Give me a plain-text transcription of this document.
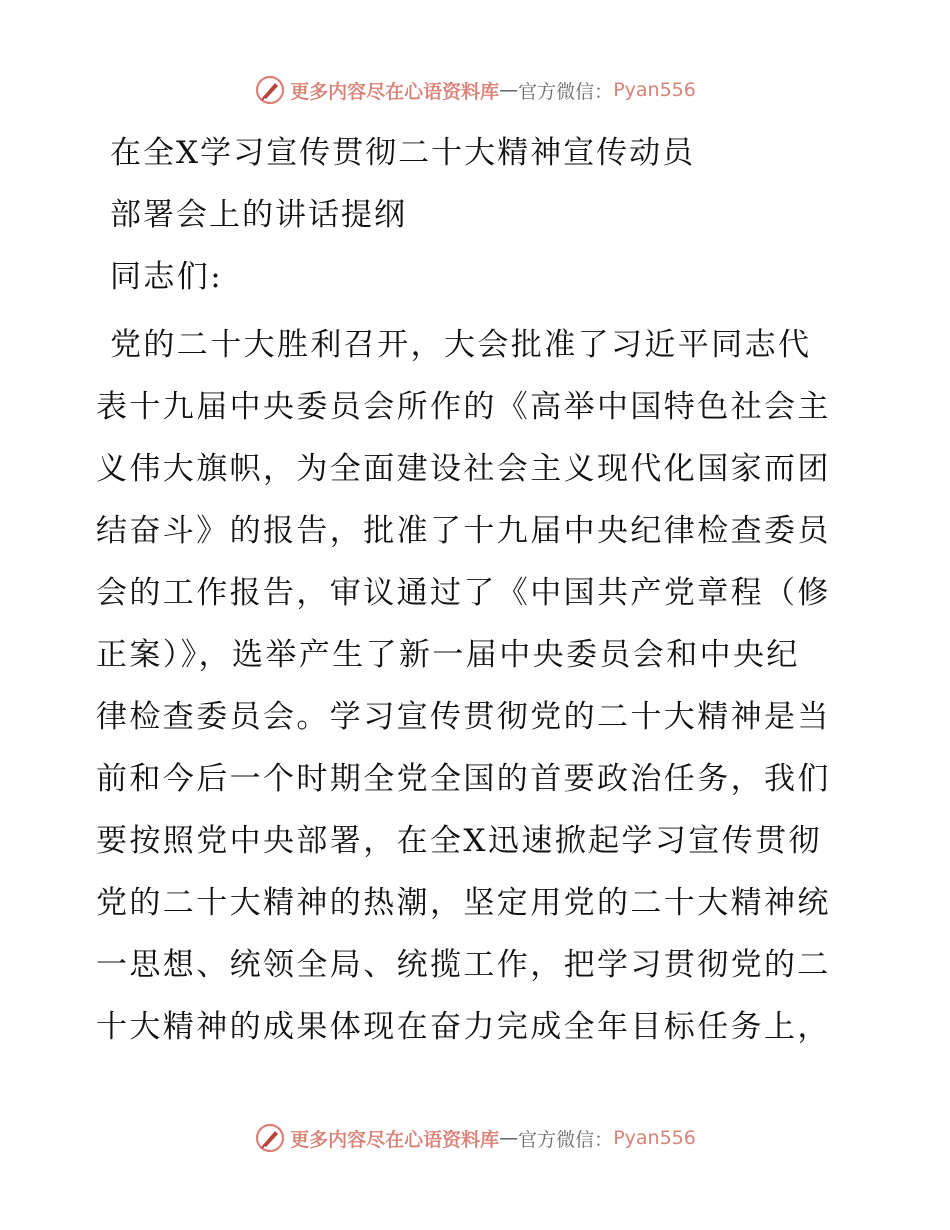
更多内容尽在心语资料库 — 官方微信： Pyan556
在全X学习宣传贯彻二十大精神宣传动员
部署会上的讲话提纲
同志们:
党的二十大胜利召开，大会批准了习近平同志代
表十九届中央委员会所作的《高举中国特色社会主
义伟大旗帜，为全面建设社会主义现代化国家而团
结奋斗》的报告，批准了十九届中央纪律检查委员
会的工作报告，审议通过了《中国共产党章程（修
正案）》，选举产生了新一届中央委员会和中央纪
律检查委员会。学习宣传贯彻党的二十大精神是当
前和今后一个时期全党全国的首要政治任务，我们
要按照党中央部署，在全X迅速掀起学习宣传贯彻
党的二十大精神的热潮，坚定用党的二十大精神统
一思想、统领全局、统揽工作，把学习贯彻党的二
十大精神的成果体现在奋力完成全年目标任务上，
更多内容尽在心语资料库 — 官方微信： Pyan556
